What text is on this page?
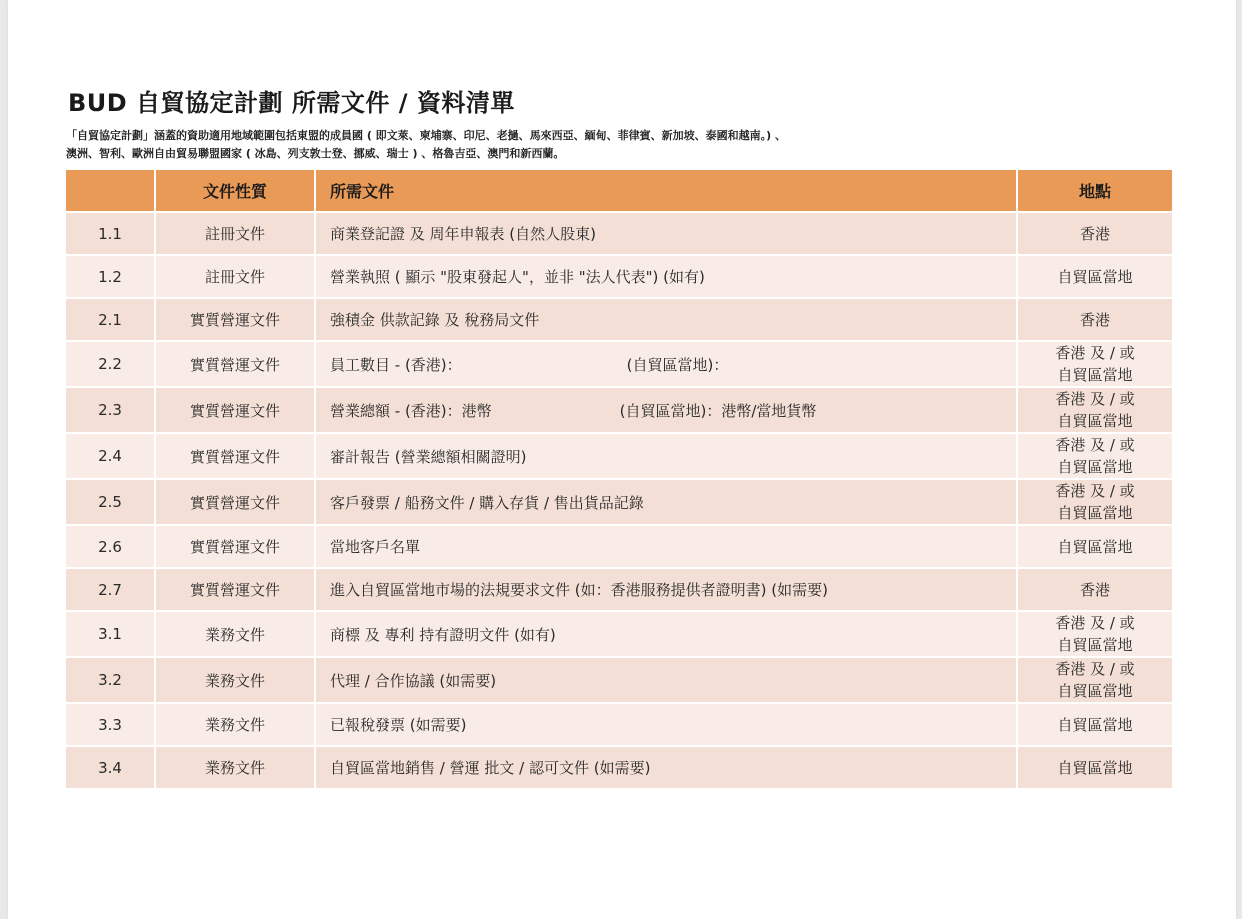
BUD 自貿協定計劃 所需文件 / 資料清單
「自貿協定計劃」涵蓋的資助適用地域範圍包括東盟的成員國 ( 即文萊、柬埔寨、印尼、老撾、馬來西亞、緬甸、菲律賓、新加坡、泰國和越南。) 、
澳洲、智利、歐洲自由貿易聯盟國家 ( 冰島、列支敦士登、挪威、瑞士 ) 、格魯吉亞、澳門和新西蘭。
	文件性質	所需文件	地點
1.1	註冊文件	商業登記證 及 周年申報表 (自然人股東)	香港

1.2	註冊文件	營業執照 ( 顯示 "股東發起人"，並非 "法人代表") (如有)	自貿區當地

2.1	實質營運文件	強積金 供款記錄 及 稅務局文件	香港

2.2	實質營運文件	員工數目 - (香港)： (自貿區當地)：	香港 及 / 或
自貿區當地

2.3	實質營運文件	營業總額 - (香港)：港幣 (自貿區當地)：港幣/當地貨幣	香港 及 / 或
自貿區當地

2.4	實質營運文件	審計報告 (營業總額相關證明)	香港 及 / 或
自貿區當地

2.5	實質營運文件	客戶發票 / 船務文件 / 購入存貨 / 售出貨品記錄	香港 及 / 或
自貿區當地

2.6	實質營運文件	當地客戶名單	自貿區當地

2.7	實質營運文件	進入自貿區當地市場的法規要求文件 (如：香港服務提供者證明書) (如需要)	香港

3.1	業務文件	商標 及 專利 持有證明文件 (如有)	香港 及 / 或
自貿區當地

3.2	業務文件	代理 / 合作協議 (如需要)	香港 及 / 或
自貿區當地

3.3	業務文件	已報稅發票 (如需要)	自貿區當地

3.4	業務文件	自貿區當地銷售 / 營運 批文 / 認可文件 (如需要)	自貿區當地
